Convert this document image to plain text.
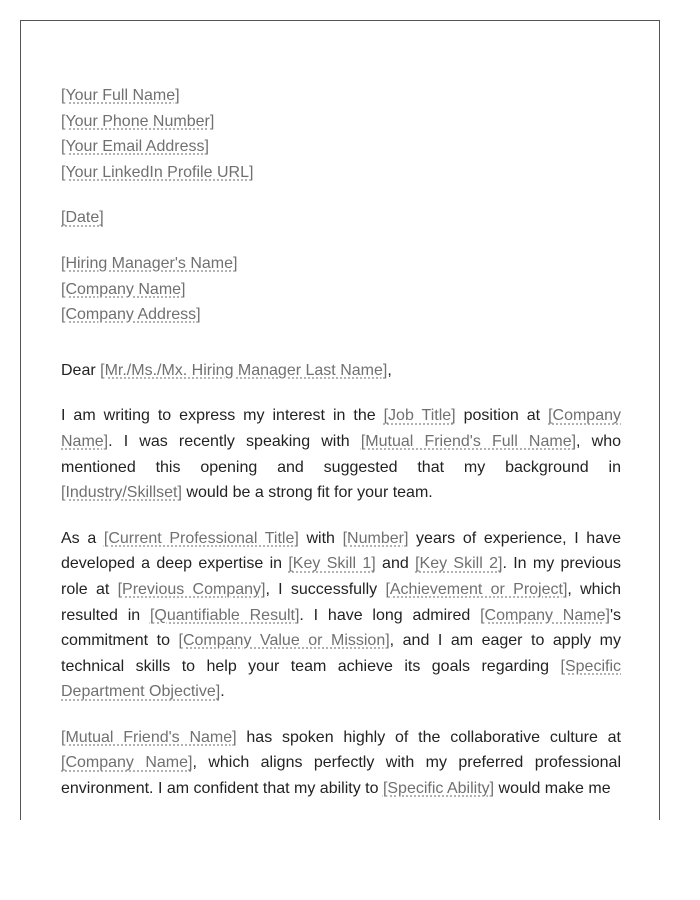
[Your Full Name]
[Your Phone Number]
[Your Email Address]
[Your LinkedIn Profile URL]
[Date]
[Hiring Manager's Name]
[Company Name]
[Company Address]
Dear [Mr./Ms./Mx. Hiring Manager Last Name],

I am writing to express my interest in the [Job Title] position at [Company Name]. I was recently speaking with [Mutual Friend's Full Name], who mentioned this opening and suggested that my background in [Industry/Skillset] would be a strong fit for your team.

As a [Current Professional Title] with [Number] years of experience, I have developed a deep expertise in [Key Skill 1] and [Key Skill 2]. In my previous role at [Previous Company], I successfully [Achievement or Project], which resulted in [Quantifiable Result]. I have long admired [Company Name]'s commitment to [Company Value or Mission], and I am eager to apply my technical skills to help your team achieve its goals regarding [Specific Department Objective].

[Mutual Friend's Name] has spoken highly of the collaborative culture at [Company Name], which aligns perfectly with my preferred professional environment. I am confident that my ability to [Specific Ability] would make me
